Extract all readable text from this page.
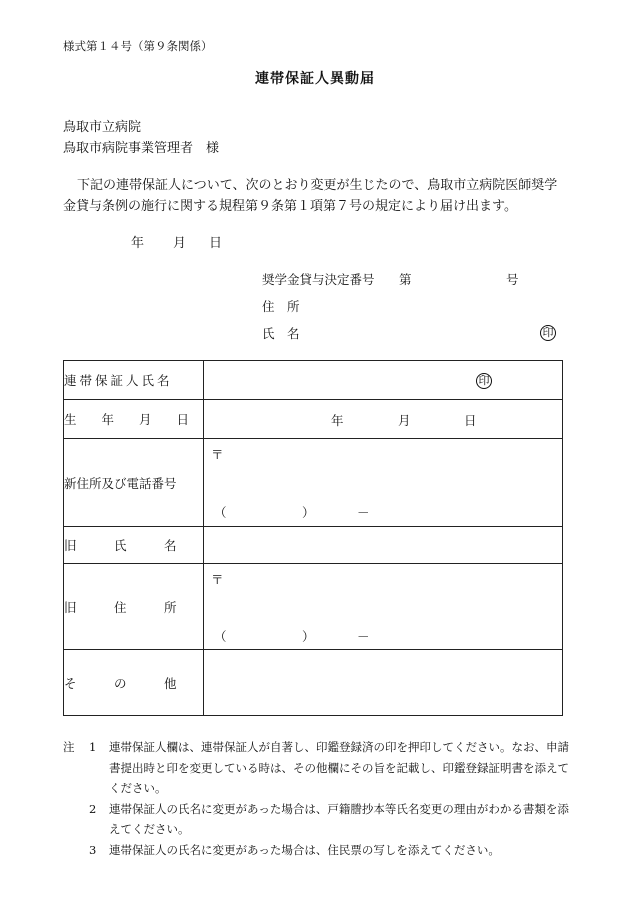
様式第１４号（第９条関係）
連帯保証人異動届
鳥取市立病院
鳥取市病院事業管理者　様
下記の連帯保証人について、次のとおり変更が生じたので、鳥取市立病院医師奨学
金貸与条例の施行に関する規程第９条第１項第７号の規定により届け出ます。
年 月 日
奨学金貸与決定番号 第	号
住　所
氏　名	印
連帯保証人氏名	印

生　　年　　月　　日	年 月 日

新住所及び電話番号	〒
（ ） －

旧　　　氏　　　名	
旧　　　住　　　所	〒
（ ） －

そ　　　の　　　他	
注 1 連帯保証人欄は、連帯保証人が自著し、印鑑登録済の印を押印してください。なお、申請書提出時と印を変更している時は、その他欄にその旨を記載し、印鑑登録証明書を添えてください。
2 連帯保証人の氏名に変更があった場合は、戸籍謄抄本等氏名変更の理由がわかる書類を添えてください。
3 連帯保証人の氏名に変更があった場合は、住民票の写しを添えてください。
